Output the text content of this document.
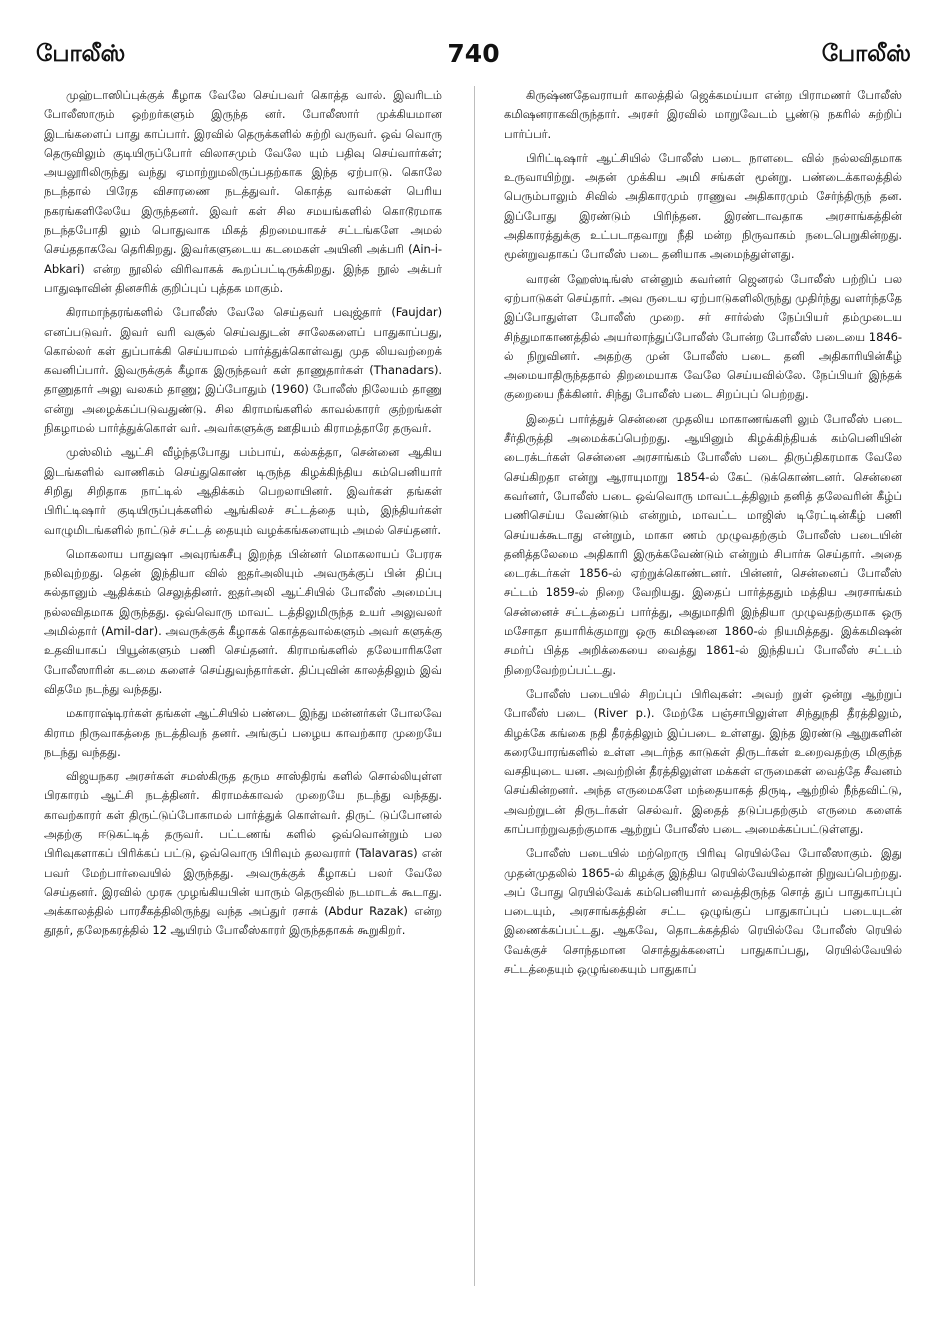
போலீஸ்	740	போலீஸ்

முஹ்டாஸிப்புக்குக் கீழாக வேலே செய்பவர் கொத்த வால். இவரிடம் போலீஸாரும் ஒற்றர்களும் இருந்த னர். போலீஸார் முக்கியமான இடங்களைப் பாது காப்பார். இரவில் தெருக்களில் சுற்றி வருவர். ஒவ் வொரு தெருவிலும் குடியிருப்போர் விலாசமும் வேலே யும் பதிவு செய்வார்கள்; அயலூரிலிருந்து வந்து ஏமாற்றுமலிருப்பதற்காக இந்த ஏற்பாடு. கொலே நடந்தால் பிரேத விசாரணை நடத்துவர். கொத்த வால்கள் பெரிய நகரங்களிலேயே இருந்தனர். இவர் கள் சில சமயங்களில் கொடூரமாக நடந்தபோதி லும் பொதுவாக மிகத் திறமையாகச் சட்டங்களே அமல் செய்ததாகவே தெரிகிறது. இவர்களுடைய கடமைகள் அயினி அக்பரி (Ain-i-Abkari) என்ற நூலில் விரிவாகக் கூறப்பட்டிருக்கிறது. இந்த நூல் அக்பர் பாதுஷாவின் தினசரிக் குறிப்புப் புத்தக மாகும்.

கிராமாந்தரங்களில் போலீஸ் வேலே செய்தவர் பவுஜ்தார் (Faujdar) எனப்படுவர். இவர் வரி வசூல் செய்வதுடன் சாலேகளைப் பாதுகாப்பது, கொல்லர் கள் துப்பாக்கி செய்யாமல் பார்த்துக்கொள்வது முத லியவற்றைக் கவனிப்பார். இவருக்குக் கீழாக இருந்தவர் கள் தாணுதார்கள் (Thanadars). தாணுதார் அலு வலகம் தாணு; இப்போதும் (1960) போலீஸ் நிலேயம் தாணு என்று அழைக்கப்படுவதுண்டு. சில கிராமங்களில் காவல்காரர் குற்றங்கள் நிகழாமல் பார்த்துக்கொள் வர். அவர்களுக்கு ஊதியம் கிராமத்தாரே தருவர்.

முஸ்லிம் ஆட்சி வீழ்ந்தபோது பம்பாய், கல்கத்தா, சென்னை ஆகிய இடங்களில் வாணிகம் செய்துகொண் டிருந்த கிழக்கிந்திய கம்பெனியார் சிறிது சிறிதாக நாட்டில் ஆதிக்கம் பெறலாயினர். இவர்கள் தங்கள் பிரிட்டிஷார் குடியிருப்புக்களில் ஆங்கிலச் சட்டத்தை யும், இந்தியர்கள் வாழுமிடங்களில் நாட்டுச் சட்டத் தையும் வழக்கங்களையும் அமல் செய்தனர்.

மொகலாய பாதுஷா அவுரங்கசீபு இறந்த பின்னர் மொகலாயப் பேரரசு நலிவுற்றது. தென் இந்தியா வில் ஐதர்அலியும் அவருக்குப் பின் திப்பு சுல்தானும் ஆதிக்கம் செலுத்தினர். ஐதர்அலி ஆட்சியில் போலீஸ் அமைப்பு நல்லவிதமாக இருந்தது. ஒவ்வொரு மாவட் டத்திலுமிருந்த உயர் அலுவலர் அமில்தார் (Amil-dar). அவருக்குக் கீழாகக் கொத்தவால்களும் அவர் களுக்கு உதவியாகப் பியூன்களும் பணி செய்தனர். கிராமங்களில் தலேயாரிகளே போலீஸாரின் கடமை களைச் செய்துவந்தார்கள். திப்புவின் காலத்திலும் இவ் விதமே நடந்து வந்தது.

மகாராஷ்டிரர்கள் தங்கள் ஆட்சியில் பண்டை இந்து மன்னர்கள் போலவே கிராம நிருவாகத்தை நடத்திவந் தனர். அங்குப் பழைய காவற்கார முறையே நடந்து வந்தது.

விஜயநகர அரசர்கள் சமஸ்கிருத தரும சாஸ்திரங் களில் சொல்லியுள்ள பிரகாரம் ஆட்சி நடத்தினர். கிராமக்காவல் முறையே நடந்து வந்தது. காவற்காரர் கள் திருட்டுப்போகாமல் பார்த்துக் கொள்வர். திருட் டுப்போனல் அதற்கு ஈடுகட்டித் தருவர். பட்டணங் களில் ஒவ்வொன்றும் பல பிரிவுகளாகப் பிரிக்கப் பட்டு, ஒவ்வொரு பிரிவும் தலவரார் (Talavaras) என் பவர் மேற்பார்வையில் இருந்தது. அவருக்குக் கீழாகப் பலர் வேலே செய்தனர். இரவில் முரசு முழங்கியபின் யாரும் தெருவில் நடமாடக் கூடாது. அக்காலத்தில் பாரசீகத்திலிருந்து வந்த அப்துர் ரசாக் (Abdur Razak) என்ற தூதர், தலேநகரத்தில் 12 ஆயிரம் போலீஸ்காரர் இருந்ததாகக் கூறுகிறர்.

கிருஷ்ணதேவராயர் காலத்தில் ஜெக்கமய்யா என்ற பிராமணர் போலீஸ் கமிஷனராகவிருந்தார். அரசர் இரவில் மாறுவேடம் பூண்டு நகரில் சுற்றிப் பார்ப்பர்.

பிரிட்டிஷார் ஆட்சியில் போலீஸ் படை நாளடை வில் நல்லவிதமாக உருவாயிற்று. அதன் முக்கிய அமி சங்கள் மூன்று. பண்டைக்காலத்தில் பெரும்பாலும் சிவில் அதிகாரமும் ராணுவ அதிகாரமும் சேர்ந்திருந் தன. இப்போது இரண்டும் பிரிந்தன. இரண்டாவதாக அரசாங்கத்தின் அதிகாரத்துக்கு உட்படாதவாறு நீதி மன்ற நிருவாகம் நடைபெறுகின்றது. மூன்றுவதாகப் போலீஸ் படை தனியாக அமைந்துள்ளது.

வாரன் ஹேஸ்டிங்ஸ் என்னும் கவர்னர் ஜெனரல் போலீஸ் பற்றிப் பல ஏற்பாடுகள் செய்தார். அவ ருடைய ஏற்பாடுகளிலிருந்து முதிர்ந்து வளர்ந்ததே இப்போதுள்ள போலீஸ் முறை. சர் சார்ல்ஸ் நேப்பியர் தம்முடைய சிந்துமாகாணத்தில் அயர்லாந்துப்போலீஸ் போன்ற போலீஸ் படையை 1846-ல் நிறுவினர். அதற்கு முன் போலீஸ் படை தனி அதிகாரியின்கீழ் அமையாதிருந்ததால் திறமையாக வேலே செய்யவில்லே. நேப்பியர் இந்தக் குறையை நீக்கினர். சிந்து போலீஸ் படை சிறப்புப் பெற்றது.

இதைப் பார்த்துச் சென்னை முதலிய மாகாணங்களி லும் போலீஸ் படை சீர்திருத்தி அமைக்கப்பெற்றது. ஆயினும் கிழக்கிந்தியக் கம்பெனியின் டைரக்டர்கள் சென்னை அரசாங்கம் போலீஸ் படை திருப்திகரமாக வேலே செய்கிறதா என்று ஆராயுமாறு 1854-ல் கேட் டுக்கொண்டனர். சென்னை கவர்னர், போலீஸ் படை ஒவ்வொரு மாவட்டத்திலும் தனித் தலேவரின் கீழ்ப் பணிசெய்ய வேண்டும் என்றும், மாவட்ட மாஜிஸ் டிரேட்டின்கீழ் பணி செய்யக்கூடாது என்றும், மாகா ணம் முழுவதற்கும் போலீஸ் படையின் தனித்தலேமை அதிகாரி இருக்கவேண்டும் என்றும் சிபார்சு செய்தார். அதை டைரக்டர்கள் 1856-ல் ஏற்றுக்கொண்டனர். பின்னர், சென்னைப் போலீஸ் சட்டம் 1859-ல் நிறை வேறியது. இதைப் பார்த்ததும் மத்திய அரசாங்கம் சென்னைச் சட்டத்தைப் பார்த்து, அதுமாதிரி இந்தியா முழுவதற்குமாக ஒரு மசோதா தயாரிக்குமாறு ஒரு கமிஷனை 1860-ல் நியமித்தது. இக்கமிஷன் சமர்ப் பித்த அறிக்கையை வைத்து 1861-ல் இந்தியப் போலீஸ் சட்டம் நிறைவேற்றப்பட்டது.

போலீஸ் படையில் சிறப்புப் பிரிவுகள்: அவற் றுள் ஒன்று ஆற்றுப் போலீஸ் படை (River p.). மேற்கே பஞ்சாபிலுள்ள சிந்துநதி தீரத்திலும், கிழக்கே கங்கை நதி தீரத்திலும் இப்படை உள்ளது. இந்த இரண்டு ஆறுகளின் கரையோரங்களில் உள்ள அடர்ந்த காடுகள் திருடர்கள் உறைவதற்கு மிகுந்த வசதியுடை யன. அவற்றின் தீரத்திலுள்ள மக்கள் எருமைகள் வைத்தே சீவனம் செய்கின்றனர். அந்த எருமைகளே மந்தையாகத் திருடி, ஆற்றில் நீந்தவிட்டு, அவற்றுடன் திருடர்கள் செல்வர். இதைத் தடுப்பதற்கும் எருமை களைக் காப்பாற்றுவதற்குமாக ஆற்றுப் போலீஸ் படை அமைக்கப்பட்டுள்ளது.

போலீஸ் படையில் மற்றொரு பிரிவு ரெயில்வே போலீஸாகும். இது முதன்முதலில் 1865-ல் கிழக்கு இந்திய ரெயில்வேயில்தான் நிறுவப்பெற்றது. அப் போது ரெயில்வேக் கம்பெனியார் வைத்திருந்த சொத் துப் பாதுகாப்புப் படையும், அரசாங்கத்தின் சட்ட ஒழுங்குப் பாதுகாப்புப் படையுடன் இணைக்கப்பட்டது. ஆகவே, தொடக்கத்தில் ரெயில்வே போலீஸ் ரெயில் வேக்குச் சொந்தமான சொத்துக்களைப் பாதுகாப்பது, ரெயில்வேயில் சட்டத்தையும் ஒழுங்கையும் பாதுகாப்
